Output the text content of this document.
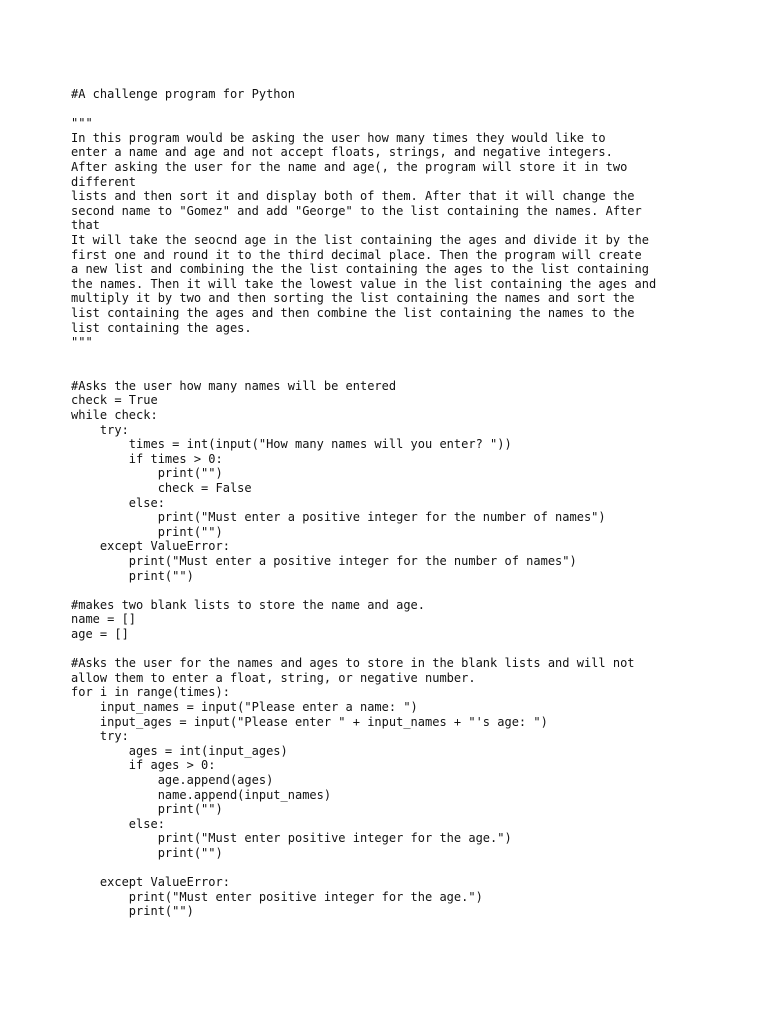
#A challenge program for Python

"""
In this program would be asking the user how many times they would like to
enter a name and age and not accept floats, strings, and negative integers.
After asking the user for the name and age(, the program will store it in two
different
lists and then sort it and display both of them. After that it will change the
second name to "Gomez" and add "George" to the list containing the names. After
that
It will take the seocnd age in the list containing the ages and divide it by the
first one and round it to the third decimal place. Then the program will create
a new list and combining the the list containing the ages to the list containing
the names. Then it will take the lowest value in the list containing the ages and
multiply it by two and then sorting the list containing the names and sort the
list containing the ages and then combine the list containing the names to the
list containing the ages.
"""

#Asks the user how many names will be entered
check = True
while check:
try:
times = int(input("How many names will you enter? "))
if times > 0:
print("")
check = False
else:
print("Must enter a positive integer for the number of names")
print("")
except ValueError:
print("Must enter a positive integer for the number of names")
print("")

#makes two blank lists to store the name and age.
name = []
age = []

#Asks the user for the names and ages to store in the blank lists and will not
allow them to enter a float, string, or negative number.
for i in range(times):
input_names = input("Please enter a name: ")
input_ages = input("Please enter " + input_names + "'s age: ")
try:
ages = int(input_ages)
if ages > 0:
age.append(ages)
name.append(input_names)
print("")
else:
print("Must enter positive integer for the age.")
print("")

except ValueError:
print("Must enter positive integer for the age.")
print("")
